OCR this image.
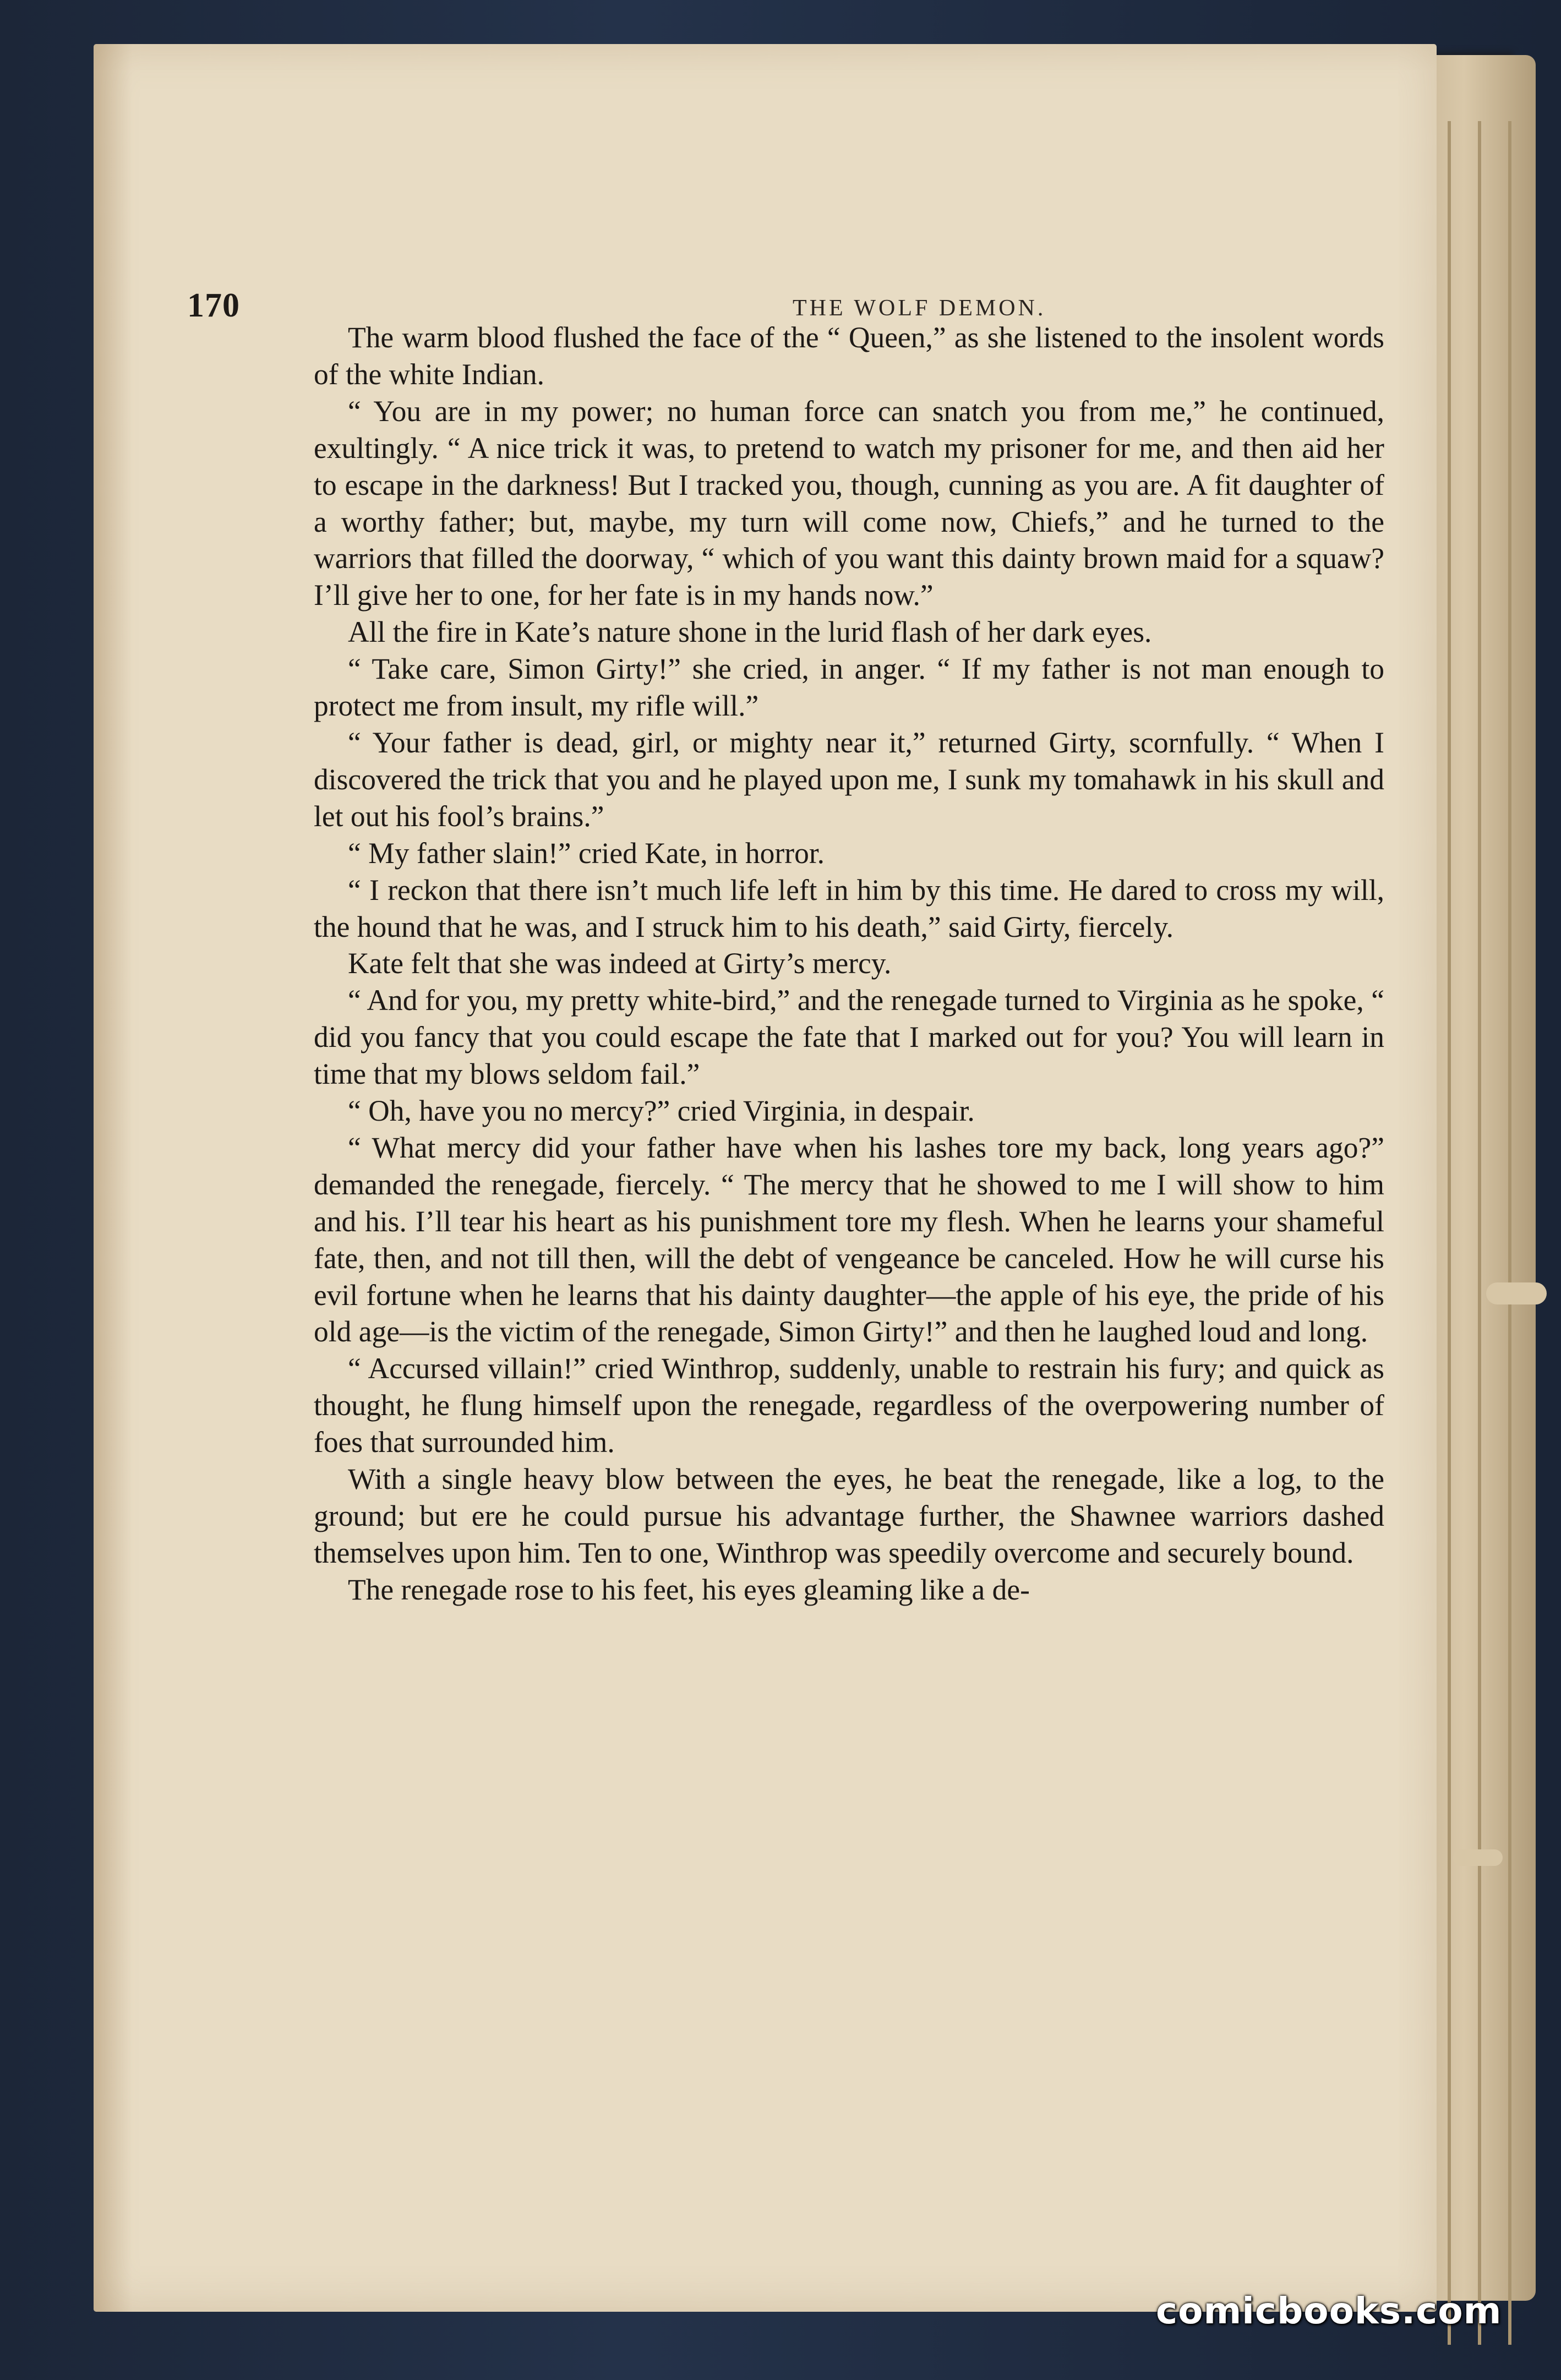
170	THE WOLF DEMON.

The warm blood flushed the face of the “ Queen,” as she listened to the insolent words of the white Indian.

“ You are in my power; no human force can snatch you from me,” he continued, exultingly. “ A nice trick it was, to pretend to watch my prisoner for me, and then aid her to escape in the darkness! But I tracked you, though, cunning as you are. A fit daughter of a worthy father; but, maybe, my turn will come now, Chiefs,” and he turned to the warriors that filled the doorway, “ which of you want this dainty brown maid for a squaw? I’ll give her to one, for her fate is in my hands now.”

All the fire in Kate’s nature shone in the lurid flash of her dark eyes.

“ Take care, Simon Girty!” she cried, in anger. “ If my father is not man enough to protect me from insult, my rifle will.”

“ Your father is dead, girl, or mighty near it,” returned Girty, scornfully. “ When I discovered the trick that you and he played upon me, I sunk my tomahawk in his skull and let out his fool’s brains.”

“ My father slain!” cried Kate, in horror.

“ I reckon that there isn’t much life left in him by this time. He dared to cross my will, the hound that he was, and I struck him to his death,” said Girty, fiercely.

Kate felt that she was indeed at Girty’s mercy.

“ And for you, my pretty white-bird,” and the renegade turned to Virginia as he spoke, “ did you fancy that you could escape the fate that I marked out for you? You will learn in time that my blows seldom fail.”

“ Oh, have you no mercy?” cried Virginia, in despair.

“ What mercy did your father have when his lashes tore my back, long years ago?” demanded the renegade, fiercely. “ The mercy that he showed to me I will show to him and his. I’ll tear his heart as his punishment tore my flesh. When he learns your shameful fate, then, and not till then, will the debt of vengeance be canceled. How he will curse his evil fortune when he learns that his dainty daughter—the apple of his eye, the pride of his old age—is the victim of the renegade, Simon Girty!” and then he laughed loud and long.

“ Accursed villain!” cried Winthrop, suddenly, unable to restrain his fury; and quick as thought, he flung himself upon the renegade, regardless of the overpowering number of foes that surrounded him.

With a single heavy blow between the eyes, he beat the renegade, like a log, to the ground; but ere he could pursue his advantage further, the Shawnee warriors dashed themselves upon him. Ten to one, Winthrop was speedily overcome and securely bound.

The renegade rose to his feet, his eyes gleaming like a de-

comicbooks.com
